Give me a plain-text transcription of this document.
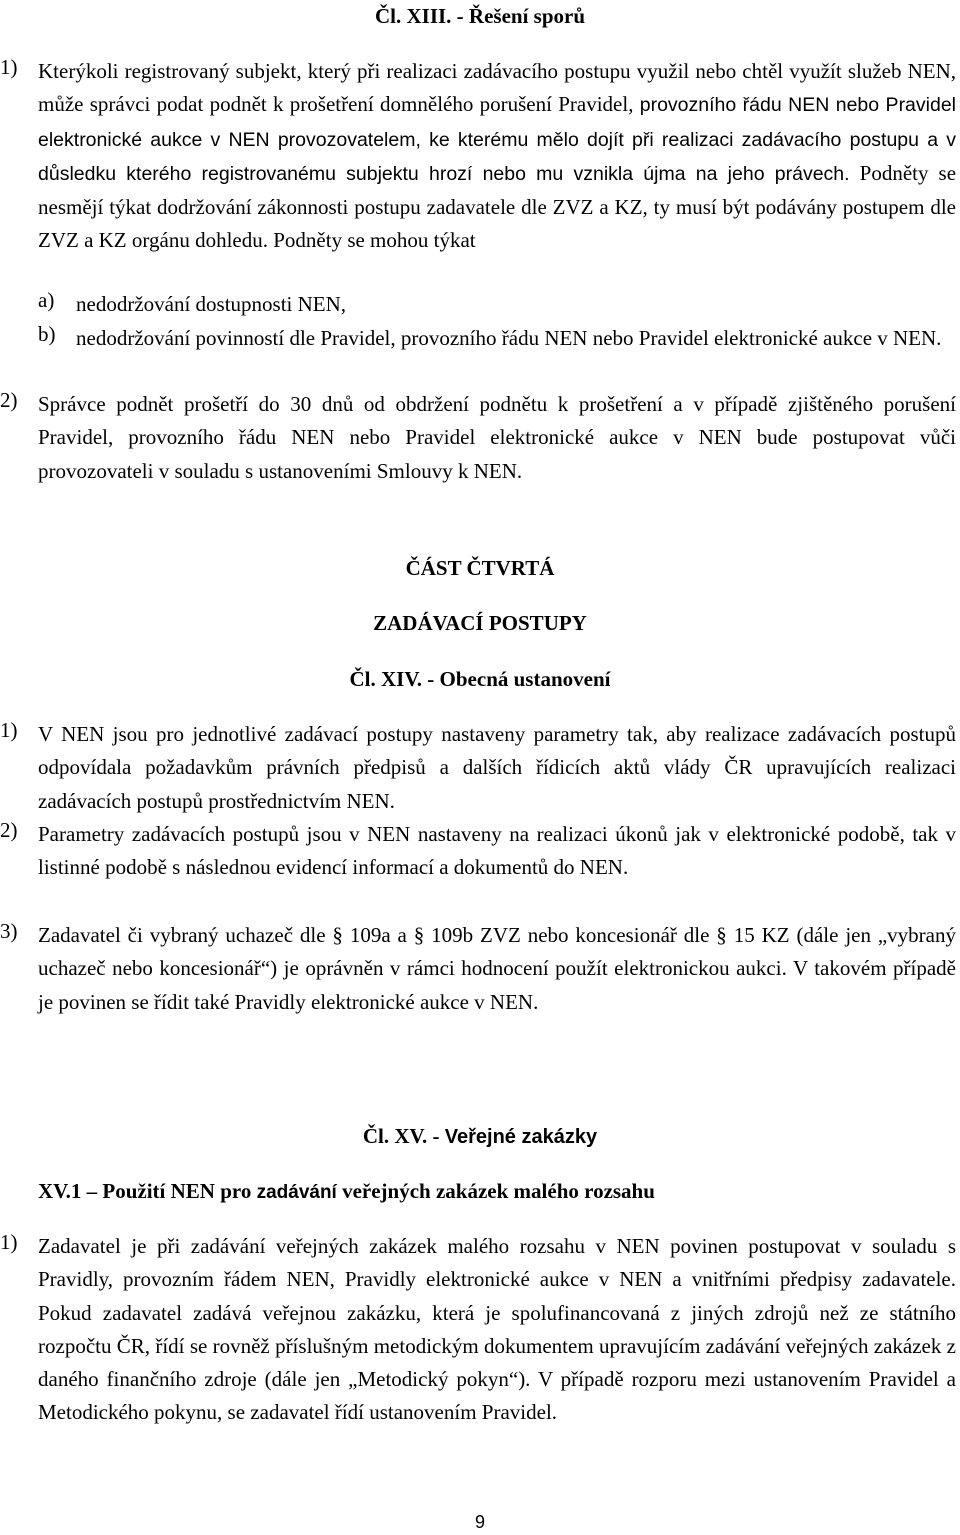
Čl. XIII. - Řešení sporů
1) Kterýkoli registrovaný subjekt, který při realizaci zadávacího postupu využil nebo chtěl využít služeb NEN, může správci podat podnět k prošetření domnělého porušení Pravidel, provozního řádu NEN nebo Pravidel elektronické aukce v NEN provozovatelem, ke kterému mělo dojít při realizaci zadávacího postupu a v důsledku kterého registrovanému subjektu hrozí nebo mu vznikla újma na jeho právech. Podněty se nesmějí týkat dodržování zákonnosti postupu zadavatele dle ZVZ a KZ, ty musí být podávány postupem dle ZVZ a KZ orgánu dohledu. Podněty se mohou týkat
a) nedodržování dostupnosti NEN,
b) nedodržování povinností dle Pravidel, provozního řádu NEN nebo Pravidel elektronické aukce v NEN.
2) Správce podnět prošetří do 30 dnů od obdržení podnětu k prošetření a v případě zjištěného porušení Pravidel, provozního řádu NEN nebo Pravidel elektronické aukce v NEN bude postupovat vůči provozovateli v souladu s ustanoveními Smlouvy k NEN.
ČÁST ČTVRTÁ
ZADÁVACÍ POSTUPY
Čl. XIV. - Obecná ustanovení
1) V NEN jsou pro jednotlivé zadávací postupy nastaveny parametry tak, aby realizace zadávacích postupů odpovídala požadavkům právních předpisů a dalších řídicích aktů vlády ČR upravujících realizaci zadávacích postupů prostřednictvím NEN.
2) Parametry zadávacích postupů jsou v NEN nastaveny na realizaci úkonů jak v elektronické podobě, tak v listinné podobě s následnou evidencí informací a dokumentů do NEN.
3) Zadavatel či vybraný uchazeč dle § 109a a § 109b ZVZ nebo koncesionář dle § 15 KZ (dále jen „vybraný uchazeč nebo koncesionář“) je oprávněn v rámci hodnocení použít elektronickou aukci. V takovém případě je povinen se řídit také Pravidly elektronické aukce v NEN.
Čl. XV. - Veřejné zakázky
XV.1 – Použití NEN pro zadávání veřejných zakázek malého rozsahu
1) Zadavatel je při zadávání veřejných zakázek malého rozsahu v NEN povinen postupovat v souladu s Pravidly, provozním řádem NEN, Pravidly elektronické aukce v NEN a vnitřními předpisy zadavatele. Pokud zadavatel zadává veřejnou zakázku, která je spolufinancovaná z jiných zdrojů než ze státního rozpočtu ČR, řídí se rovněž příslušným metodickým dokumentem upravujícím zadávání veřejných zakázek z daného finančního zdroje (dále jen „Metodický pokyn“). V případě rozporu mezi ustanovením Pravidel a Metodického pokynu, se zadavatel řídí ustanovením Pravidel.
9
